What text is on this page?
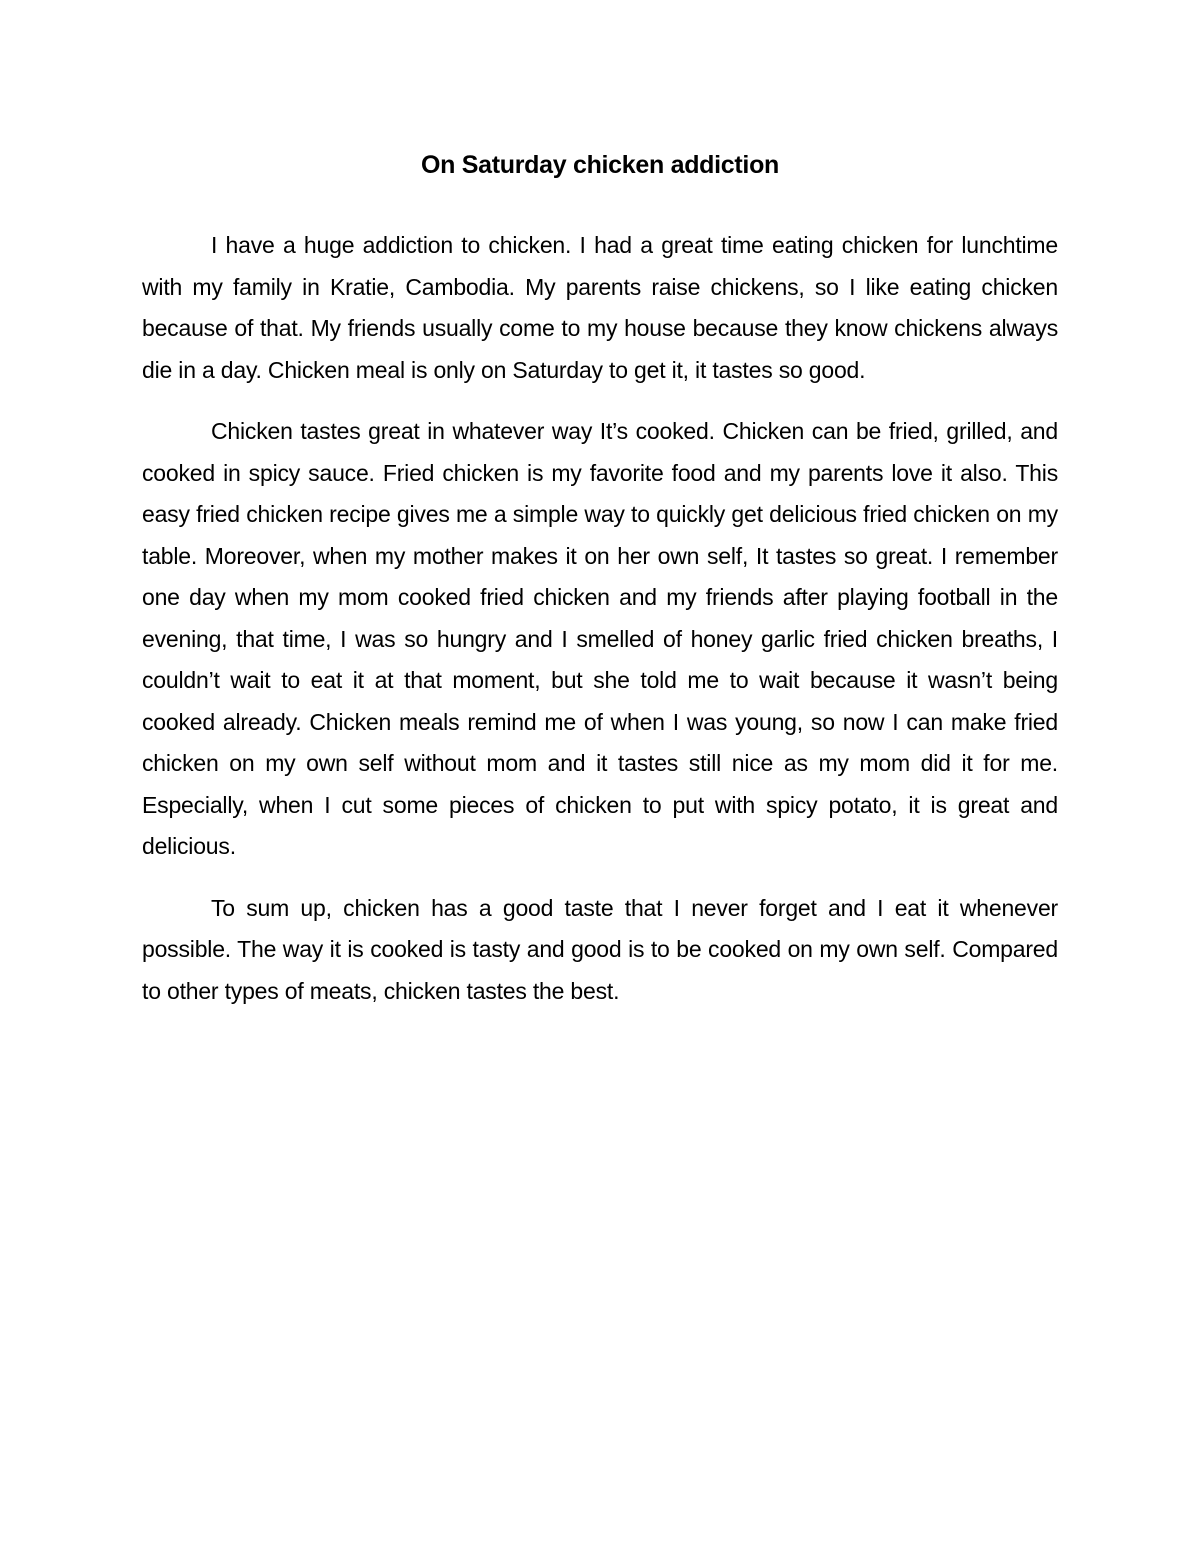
On Saturday chicken addiction

I have a huge addiction to chicken. I had a great time eating chicken for lunchtime with my family in Kratie, Cambodia. My parents raise chickens, so I like eating chicken because of that. My friends usually come to my house because they know chickens always die in a day. Chicken meal is only on Saturday to get it, it tastes so good.

Chicken tastes great in whatever way It’s cooked. Chicken can be fried, grilled, and cooked in spicy sauce. Fried chicken is my favorite food and my parents love it also. This easy fried chicken recipe gives me a simple way to quickly get delicious fried chicken on my table. Moreover, when my mother makes it on her own self, It tastes so great. I remember one day when my mom cooked fried chicken and my friends after playing football in the evening, that time, I was so hungry and I smelled of honey garlic fried chicken breaths, I couldn’t wait to eat it at that moment, but she told me to wait because it wasn’t being cooked already. Chicken meals remind me of when I was young, so now I can make fried chicken on my own self without mom and it tastes still nice as my mom did it for me. Especially, when I cut some pieces of chicken to put with spicy potato, it is great and delicious.

To sum up, chicken has a good taste that I never forget and I eat it whenever possible. The way it is cooked is tasty and good is to be cooked on my own self. Compared to other types of meats, chicken tastes the best.
